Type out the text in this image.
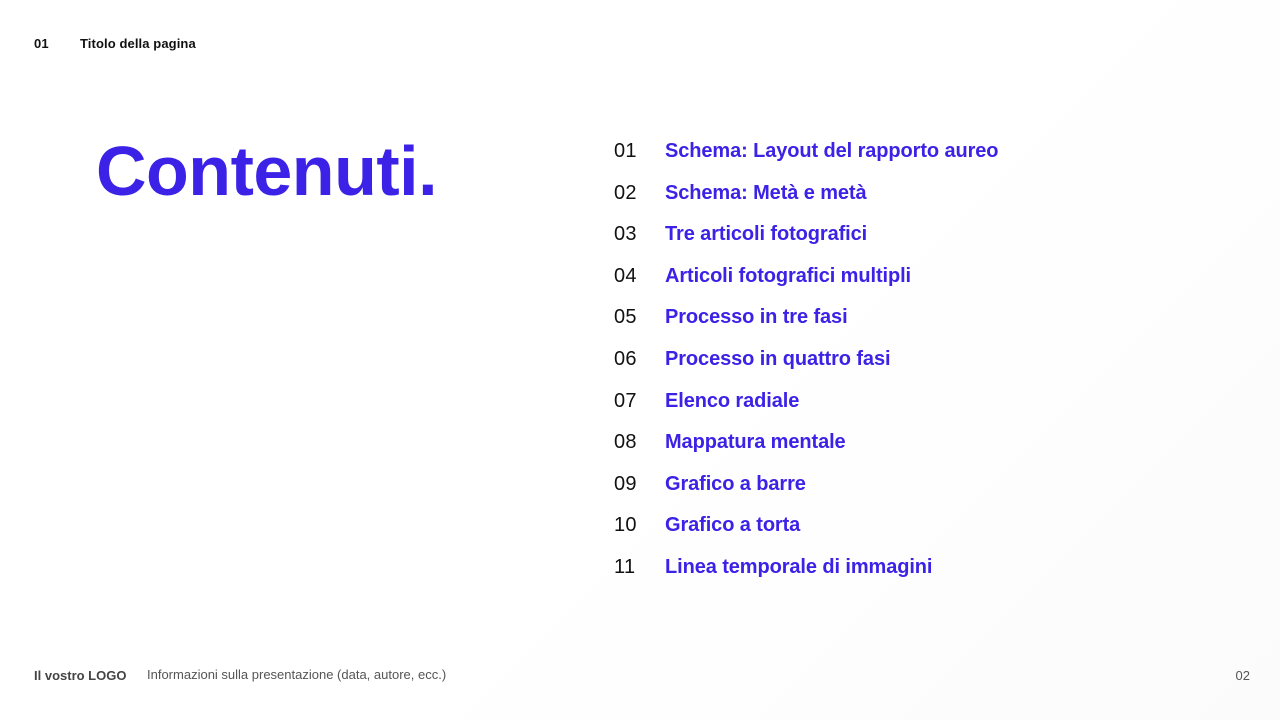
01	Titolo della pagina
Contenuti.	01	Schema: Layout del rapporto aureo
02	Schema: Metà e metà
03	Tre articoli fotografici
04	Articoli fotografici multipli
05	Processo in tre fasi
06	Processo in quattro fasi
07	Elenco radiale
08	Mappatura mentale
09	Grafico a barre
10	Grafico a torta
11	Linea temporale di immagini
Il vostro LOGO	Informazioni sulla presentazione (data, autore, ecc.)	02
